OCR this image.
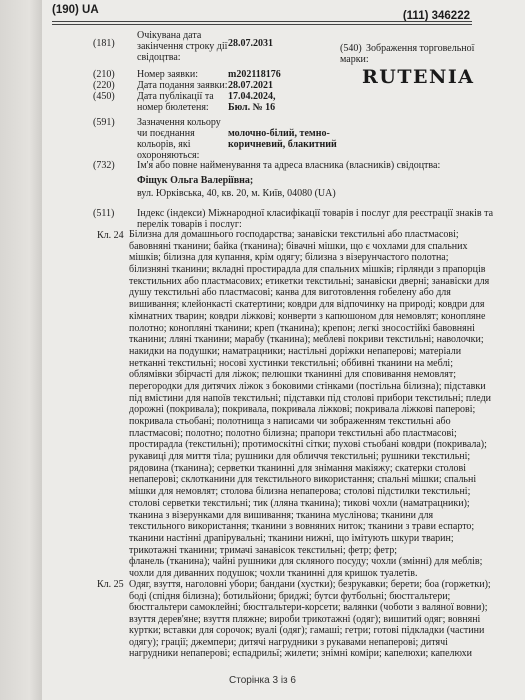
(190) UA	(111) 346222
(181)
Очікувана дата
закінчення строку дії
свідоцтва:
28.07.2031
(210) Номер заявки:	m202118176
(220) Дата подання заявки: 28.07.2021
(450) Дата публікації та
номер бюлетеня:
17.04.2024,
Бюл. № 16
(591) Зазначення кольору
чи поєднання
кольорів, які
охороняються:
молочно-білий, темно-
коричневий, блакитний
(540) Зображення торговельної
марки:
RUTENIA
(732) Ім'я або повне найменування та адреса власника (власників) свідоцтва:
Фіщук Ольга Валеріївна;
вул. Юрківська, 40, кв. 20, м. Київ, 04080 (UA)
(511) Індекс (індекси) Міжнародної класифікації товарів і послуг для реєстрації знаків та
перелік товарів і послуг:
Кл. 24 Білизна для домашнього господарства; занавіски текстильні або пластмасові;
бавовняні тканини; байка (тканина); бівачні мішки, що є чохлами для спальних
мішків; білизна для купання, крім одягу; білизна з візерунчастого полотна;
білизняні тканини; вкладні простирадла для спальних мішків; гірлянди з прапорців
текстильних або пластмасових; етикетки текстильні; занавіски дверні; занавіски для
душу текстильні або пластмасові; канва для виготовлення гобелену або для
вишивання; клейонкасті скатертини; ковдри для відпочинку на природі; ковдри для
кімнатних тварин; ковдри ліжкові; конверти з капюшоном для немовлят; конопляне
полотно; конопляні тканини; креп (тканина); крепон; легкі зносостійкі бавовняні
тканини; лляні тканини; марабу (тканина); меблеві покриви текстильні; наволочки;
накидки на подушки; наматрацники; настільні доріжки непаперові; матеріали
нетканні текстильні; носові хустинки текстильні; оббивні тканини на меблі;
облямівки збірчасті для ліжок; пелюшки тканинні для сповивання немовлят;
перегородки для дитячих ліжок з боковими стінками (постільна білизна); підставки
під вмістини для напоїв текстильні; підставки під столові прибори текстильні; пледи
дорожні (покривала); покривала, покривала ліжкові; покривала ліжкові паперові;
покривала стьобані; полотнища з написами чи зображенням текстильні або
пластмасові; полотно; полотно білизна; прапори текстильні або пластмасові;
простирадла (текстильні); протимоскітні сітки; пухові стьобані ковдри (покривала);
рукавиці для миття тіла; рушники для обличчя текстильні; рушники текстильні;
рядовина (тканина); серветки тканинні для знімання макіяжу; скатерки столові
непаперові; склотканини для текстильного використання; спальні мішки; спальні
мішки для немовлят; столова білизна непаперова; столові підстилки текстильні;
столові серветки текстильні; тик (лляна тканина); тикові чохли (наматрацники);
тканина з візерунками для вишивання; тканина муслінова; тканини для
текстильного використання; тканини з вовняних ниток; тканини з трави еспарто;
тканини настінні драпірувальні; тканини нижні, що імітують шкури тварин;
трикотажні тканини; тримачі занавісок текстильні; фетр; фетр;
фланель (тканина); чайні рушники для скляного посуду; чохли (змінні) для меблів;
чохли для диванних подушок; чохли тканинні для кришок туалетів.
Кл. 25 Одяг, взуття, наголовні убори; бандани (хустки); безрукавки; берети; боа (горжетки);
боді (спідня білизна); ботильйони; бриджі; бутси футбольні; бюстгальтери;
бюстгальтери самоклейні; бюстгальтери-корсети; валянки (чоботи з валяної вовни);
взуття дерев'яне; взуття пляжне; вироби трикотажні (одяг); вишитий одяг; вовняні
куртки; вставки для сорочок; вуалі (одяг); гамаші; гетри; готові підкладки (частини
одягу); грації; джемпери; дитячі нагрудники з рукавами непаперові; дитячі
нагрудники непаперові; еспадрильї; жилети; знімні коміри; капелюхи; капелюхи
Сторінка 3 із 6
